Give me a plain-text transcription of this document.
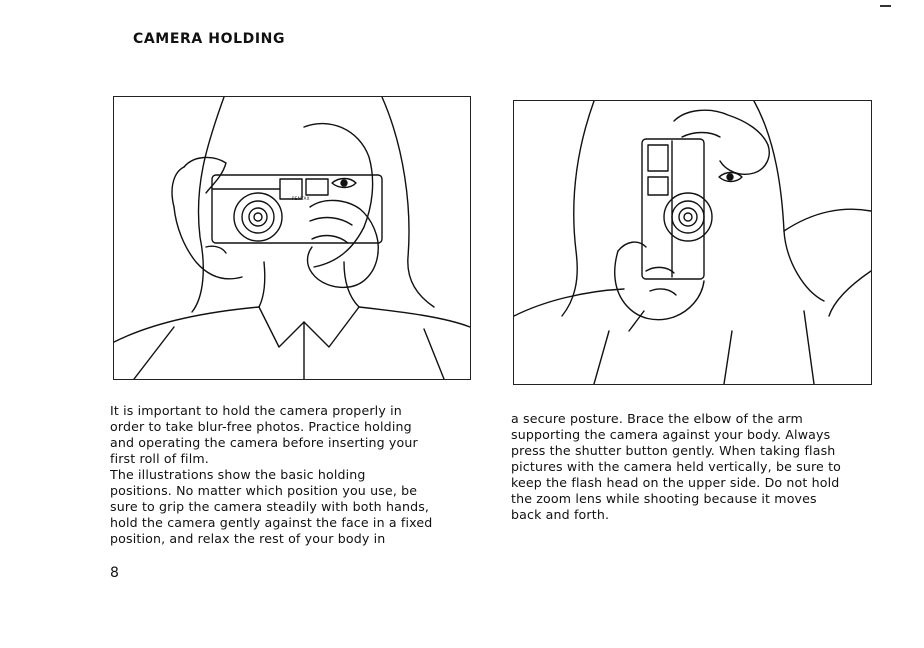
CAMERA HOLDING
PENTAX

It is important to hold the camera properly in
order to take blur-free photos. Practice holding
and operating the camera before inserting your
first roll of film.

The illustrations show the basic holding
positions. No matter which position you use, be
sure to grip the camera steadily with both hands,
hold the camera gently against the face in a fixed
position, and relax the rest of your body in

a secure posture. Brace the elbow of the arm
supporting the camera against your body. Always
press the shutter button gently. When taking flash
pictures with the camera held vertically, be sure to
keep the flash head on the upper side. Do not hold
the zoom lens while shooting because it moves
back and forth.

8
